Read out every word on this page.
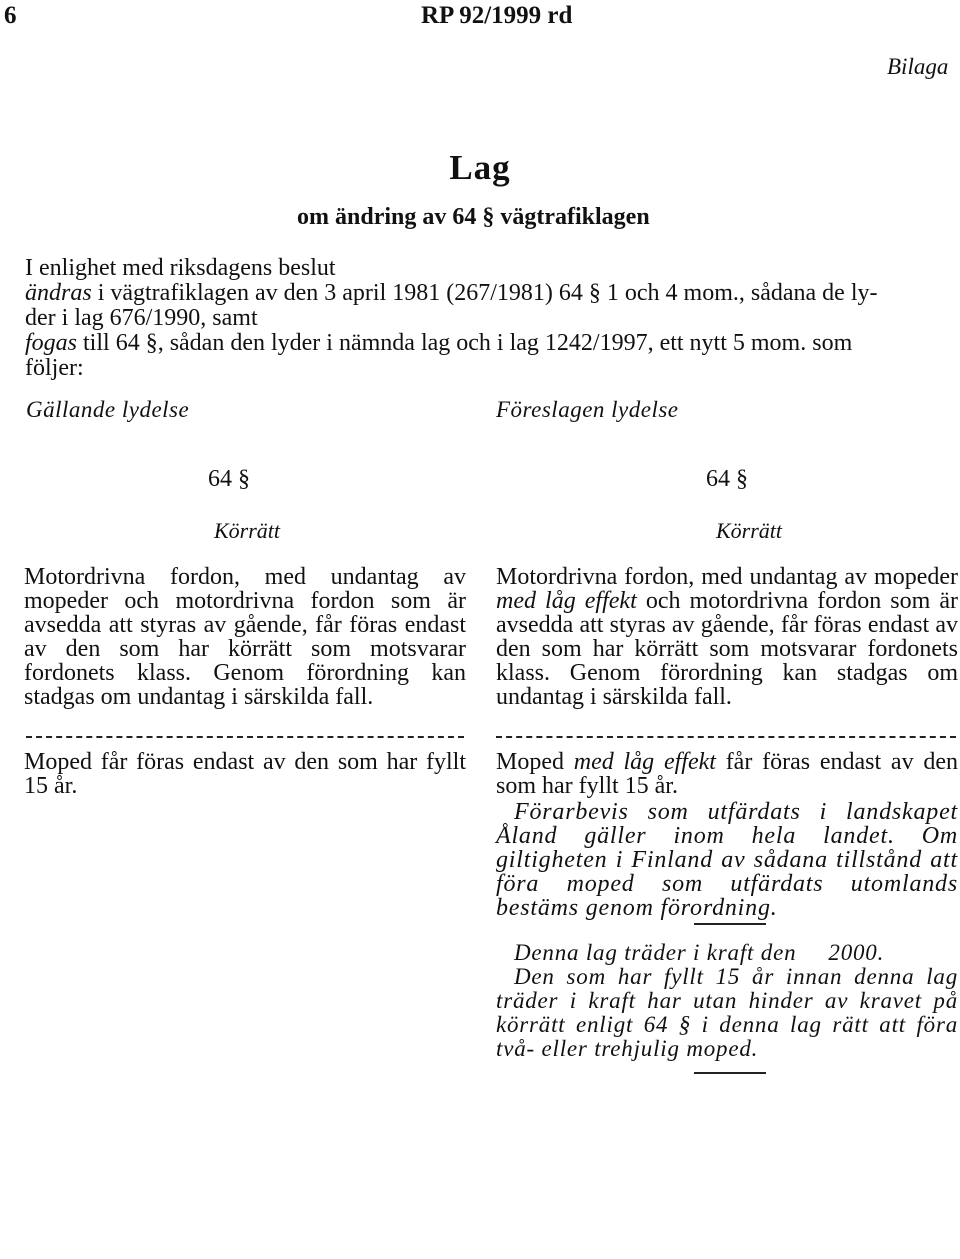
6	RP 92/1999 rd
Bilaga
Lag
om ändring av 64 § vägtrafiklagen
I enlighet med riksdagens beslut
ändras i vägtrafiklagen av den 3 april 1981 (267/1981) 64 § 1 och 4 mom., sådana de ly-
der i lag 676/1990, samt
fogas till 64 §, sådan den lyder i nämnda lag och i lag 1242/1997, ett nytt 5 mom. som
följer:
Gällande lydelse	Föreslagen lydelse
64 §
Körrätt

Motordrivna fordon, med undantag av mopeder och motordrivna fordon som är avsedda att styras av gående, får föras endast av den som har körrätt som motsvarar fordonets klass. Genom förordning kan stadgas om undantag i särskilda fall.

Moped får föras endast av den som har fyllt 15 år.

64 §
Körrätt

Motordrivna fordon, med undantag av mopeder med låg effekt och motordrivna fordon som är avsedda att styras av gående, får föras endast av den som har körrätt som motsvarar fordonets klass. Genom förordning kan stadgas om undantag i särskilda fall.

Moped med låg effekt får föras endast av den som har fyllt 15 år.

Förarbevis som utfärdats i landskapet Åland gäller inom hela landet. Om giltigheten i Finland av sådana tillstånd att föra moped som utfärdats utomlands bestäms genom förordning.

Denna lag träder i kraft den 2000.
Den som har fyllt 15 år innan denna lag träder i kraft har utan hinder av kravet på körrätt enligt 64 § i denna lag rätt att föra två- eller trehjulig moped.
